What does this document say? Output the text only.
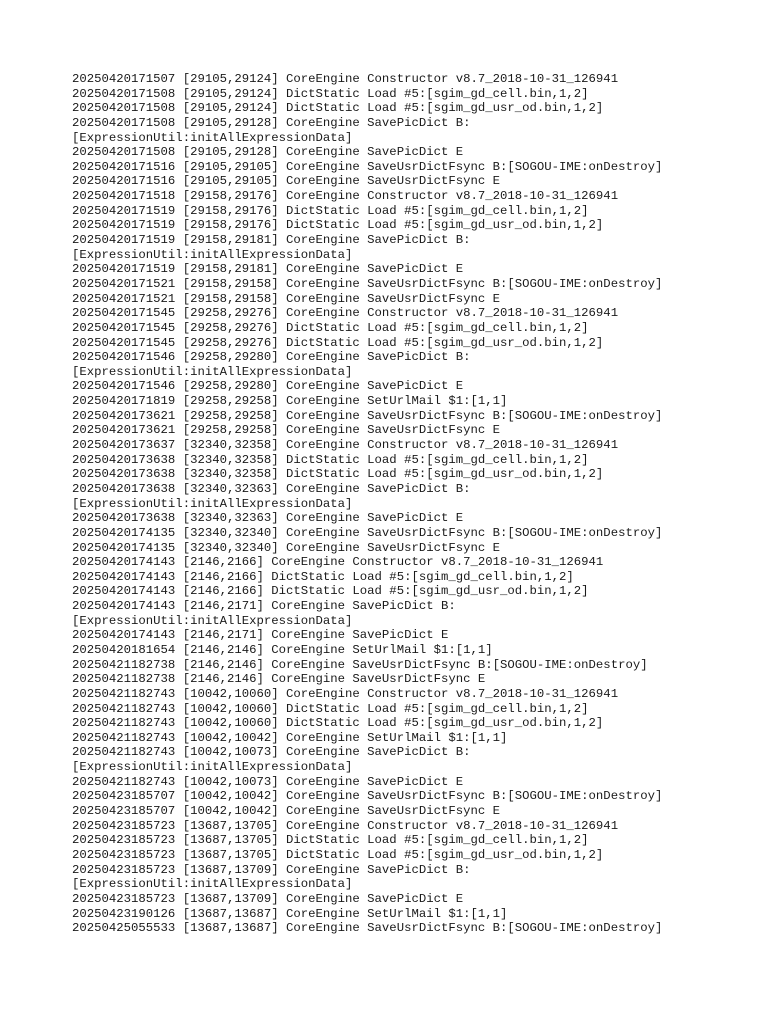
20250420171507 [29105,29124] CoreEngine Constructor v8.7_2018-10-31_126941
20250420171508 [29105,29124] DictStatic Load #5:[sgim_gd_cell.bin,1,2]
20250420171508 [29105,29124] DictStatic Load #5:[sgim_gd_usr_od.bin,1,2]
20250420171508 [29105,29128] CoreEngine SavePicDict B:
[ExpressionUtil:initAllExpressionData]
20250420171508 [29105,29128] CoreEngine SavePicDict E
20250420171516 [29105,29105] CoreEngine SaveUsrDictFsync B:[SOGOU-IME:onDestroy]
20250420171516 [29105,29105] CoreEngine SaveUsrDictFsync E
20250420171518 [29158,29176] CoreEngine Constructor v8.7_2018-10-31_126941
20250420171519 [29158,29176] DictStatic Load #5:[sgim_gd_cell.bin,1,2]
20250420171519 [29158,29176] DictStatic Load #5:[sgim_gd_usr_od.bin,1,2]
20250420171519 [29158,29181] CoreEngine SavePicDict B:
[ExpressionUtil:initAllExpressionData]
20250420171519 [29158,29181] CoreEngine SavePicDict E
20250420171521 [29158,29158] CoreEngine SaveUsrDictFsync B:[SOGOU-IME:onDestroy]
20250420171521 [29158,29158] CoreEngine SaveUsrDictFsync E
20250420171545 [29258,29276] CoreEngine Constructor v8.7_2018-10-31_126941
20250420171545 [29258,29276] DictStatic Load #5:[sgim_gd_cell.bin,1,2]
20250420171545 [29258,29276] DictStatic Load #5:[sgim_gd_usr_od.bin,1,2]
20250420171546 [29258,29280] CoreEngine SavePicDict B:
[ExpressionUtil:initAllExpressionData]
20250420171546 [29258,29280] CoreEngine SavePicDict E
20250420171819 [29258,29258] CoreEngine SetUrlMail $1:[1,1]
20250420173621 [29258,29258] CoreEngine SaveUsrDictFsync B:[SOGOU-IME:onDestroy]
20250420173621 [29258,29258] CoreEngine SaveUsrDictFsync E
20250420173637 [32340,32358] CoreEngine Constructor v8.7_2018-10-31_126941
20250420173638 [32340,32358] DictStatic Load #5:[sgim_gd_cell.bin,1,2]
20250420173638 [32340,32358] DictStatic Load #5:[sgim_gd_usr_od.bin,1,2]
20250420173638 [32340,32363] CoreEngine SavePicDict B:
[ExpressionUtil:initAllExpressionData]
20250420173638 [32340,32363] CoreEngine SavePicDict E
20250420174135 [32340,32340] CoreEngine SaveUsrDictFsync B:[SOGOU-IME:onDestroy]
20250420174135 [32340,32340] CoreEngine SaveUsrDictFsync E
20250420174143 [2146,2166] CoreEngine Constructor v8.7_2018-10-31_126941
20250420174143 [2146,2166] DictStatic Load #5:[sgim_gd_cell.bin,1,2]
20250420174143 [2146,2166] DictStatic Load #5:[sgim_gd_usr_od.bin,1,2]
20250420174143 [2146,2171] CoreEngine SavePicDict B:
[ExpressionUtil:initAllExpressionData]
20250420174143 [2146,2171] CoreEngine SavePicDict E
20250420181654 [2146,2146] CoreEngine SetUrlMail $1:[1,1]
20250421182738 [2146,2146] CoreEngine SaveUsrDictFsync B:[SOGOU-IME:onDestroy]
20250421182738 [2146,2146] CoreEngine SaveUsrDictFsync E
20250421182743 [10042,10060] CoreEngine Constructor v8.7_2018-10-31_126941
20250421182743 [10042,10060] DictStatic Load #5:[sgim_gd_cell.bin,1,2]
20250421182743 [10042,10060] DictStatic Load #5:[sgim_gd_usr_od.bin,1,2]
20250421182743 [10042,10042] CoreEngine SetUrlMail $1:[1,1]
20250421182743 [10042,10073] CoreEngine SavePicDict B:
[ExpressionUtil:initAllExpressionData]
20250421182743 [10042,10073] CoreEngine SavePicDict E
20250423185707 [10042,10042] CoreEngine SaveUsrDictFsync B:[SOGOU-IME:onDestroy]
20250423185707 [10042,10042] CoreEngine SaveUsrDictFsync E
20250423185723 [13687,13705] CoreEngine Constructor v8.7_2018-10-31_126941
20250423185723 [13687,13705] DictStatic Load #5:[sgim_gd_cell.bin,1,2]
20250423185723 [13687,13705] DictStatic Load #5:[sgim_gd_usr_od.bin,1,2]
20250423185723 [13687,13709] CoreEngine SavePicDict B:
[ExpressionUtil:initAllExpressionData]
20250423185723 [13687,13709] CoreEngine SavePicDict E
20250423190126 [13687,13687] CoreEngine SetUrlMail $1:[1,1]
20250425055533 [13687,13687] CoreEngine SaveUsrDictFsync B:[SOGOU-IME:onDestroy]
